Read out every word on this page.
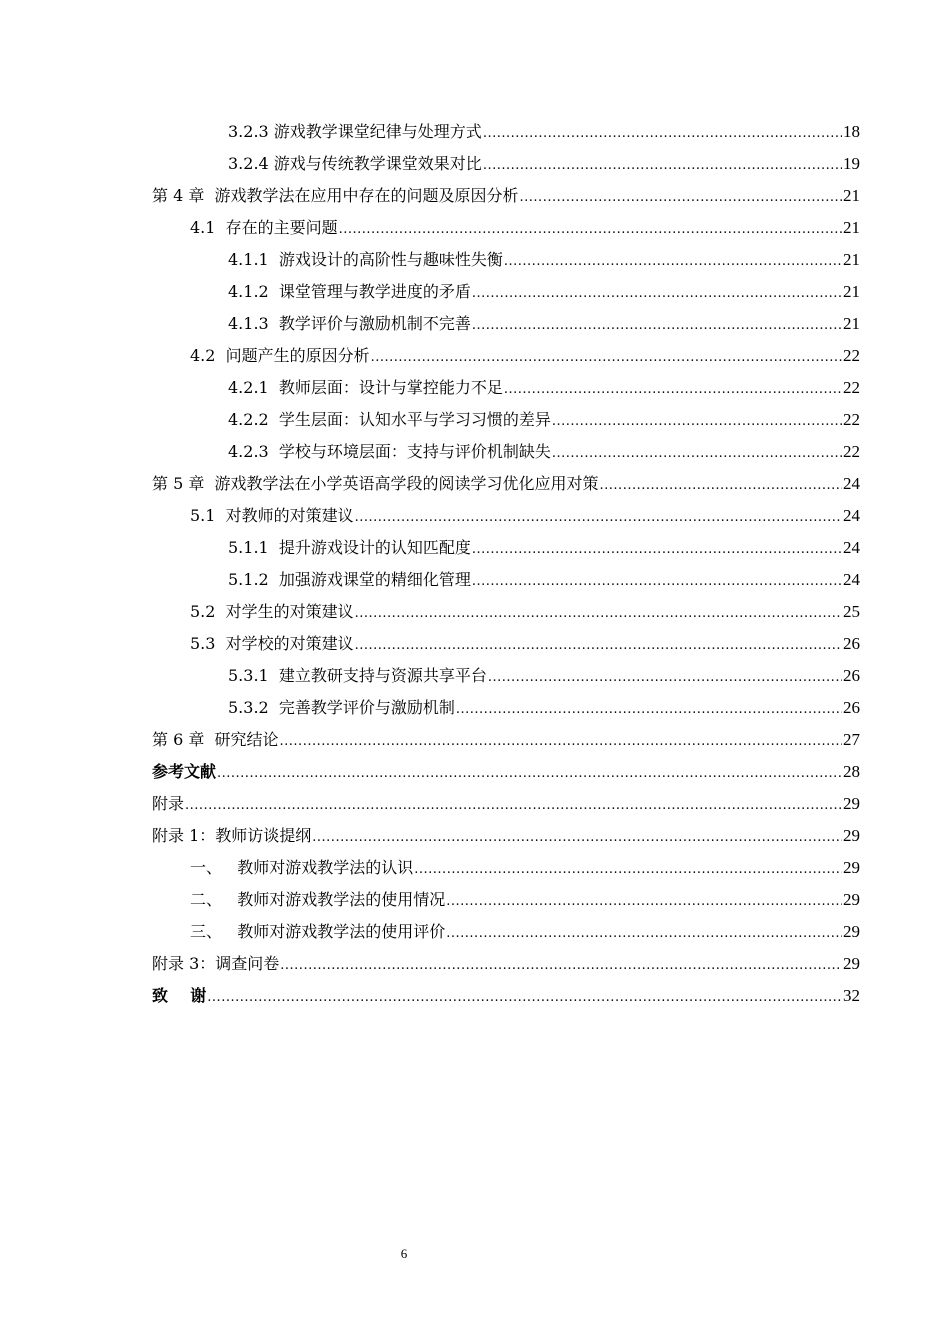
3.2.3 游戏教学课堂纪律与处理方式 .....	18
3.2.4 游戏与传统教学课堂效果对比 .....	19
第 4 章  游戏教学法在应用中存在的问题及原因分析 .....	21
4.1  存在的主要问题 .....	21
4.1.1  游戏设计的高阶性与趣味性失衡 .....	21
4.1.2  课堂管理与教学进度的矛盾 .....	21
4.1.3  教学评价与激励机制不完善 .....	21
4.2  问题产生的原因分析 .....	22
4.2.1  教师层面：设计与掌控能力不足 .....	22
4.2.2  学生层面：认知水平与学习习惯的差异 .....	22
4.2.3  学校与环境层面：支持与评价机制缺失 .....	22
第 5 章  游戏教学法在小学英语高学段的阅读学习优化应用对策 .....	24
5.1  对教师的对策建议 .....	24
5.1.1  提升游戏设计的认知匹配度 .....	24
5.1.2  加强游戏课堂的精细化管理 .....	24
5.2  对学生的对策建议 .....	25
5.3  对学校的对策建议 .....	26
5.3.1  建立教研支持与资源共享平台 .....	26
5.3.2  完善教学评价与激励机制 .....	26
第 6 章  研究结论 .....	27
参考文献 .....	28
附录 .....	29
附录 1：教师访谈提纲 .....	29
一、   教师对游戏教学法的认识 .....	29
二、   教师对游戏教学法的使用情况 .....	29
三、   教师对游戏教学法的使用评价 .....	29
附录 3：调查问卷 .....	29
致    谢 .....	32
6
